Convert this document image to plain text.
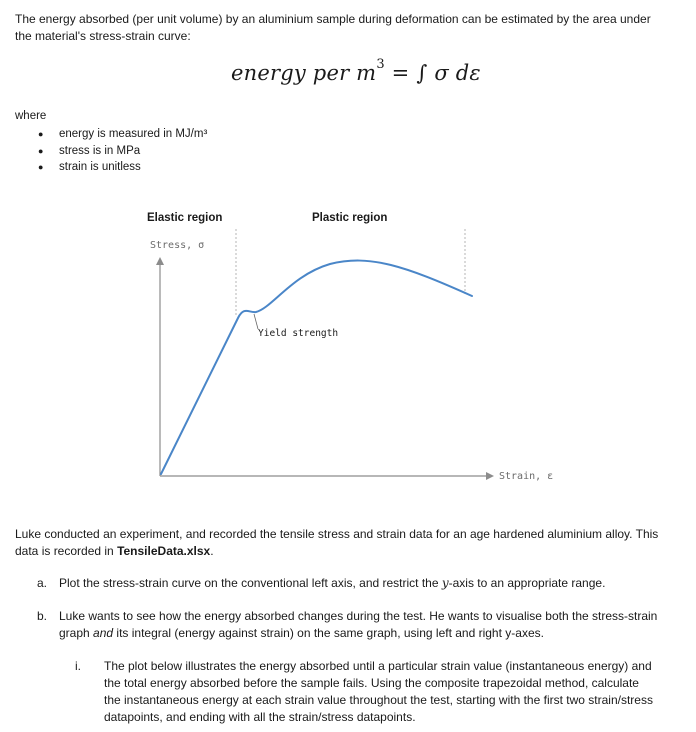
The energy absorbed (per unit volume) by an aluminium sample during deformation can be estimated by the area under
the material's stress-strain curve:
energy per $m^3$ = ∫ σ dε
where
● energy is measured in MJ/m³
● stress is in MPa
● strain is unitless
Elastic region	Plastic region
Stress, σ
Strain, ε
Yield strength
Luke conducted an experiment, and recorded the tensile stress and strain data for an age hardened aluminium alloy. This
data is recorded in TensileData.xlsx.
a. Plot the stress-strain curve on the conventional left axis, and restrict the y-axis to an appropriate range.
b. Luke wants to see how the energy absorbed changes during the test. He wants to visualise both the stress-strain
graph and its integral (energy against strain) on the same graph, using left and right y-axes.
i. The plot below illustrates the energy absorbed until a particular strain value (instantaneous energy) and
the total energy absorbed before the sample fails. Using the composite trapezoidal method, calculate
the instantaneous energy at each strain value throughout the test, starting with the first two strain/stress
datapoints, and ending with all the strain/stress datapoints.
